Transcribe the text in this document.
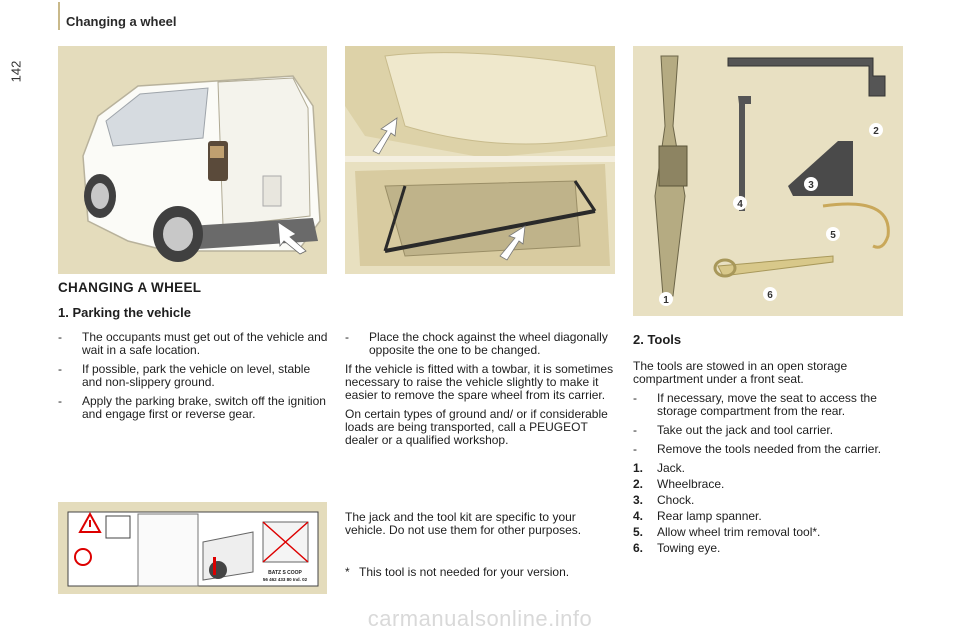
142
Changing a wheel
1
2
3
4
5
6
BATZ S COOP
56 462 433 80 Ind. 02
CHANGING A WHEEL
1. Parking the vehicle
- The occupants must get out of the vehicle and wait in a safe location.
- If possible, park the vehicle on level, stable and non-slippery ground.
- Apply the parking brake, switch off the ignition and engage first or reverse gear.
- Place the chock against the wheel diagonally opposite the one to be changed.

If the vehicle is fitted with a towbar, it is sometimes necessary to raise the vehicle slightly to make it easier to remove the spare wheel from its carrier.

On certain types of ground and/ or if considerable loads are being transported, call a PEUGEOT dealer or a qualified workshop.

The jack and the tool kit are specific to your vehicle. Do not use them for other purposes.

* This tool is not needed for your version.
2. Tools

The tools are stowed in an open storage compartment under a front seat.

- If necessary, move the seat to access the storage compartment from the rear.
- Take out the jack and tool carrier.
- Remove the tools needed from the carrier.
1. Jack.
2. Wheelbrace.
3. Chock.
4. Rear lamp spanner.
5. Allow wheel trim removal tool*.
6. Towing eye.
carmanualsonline.info
